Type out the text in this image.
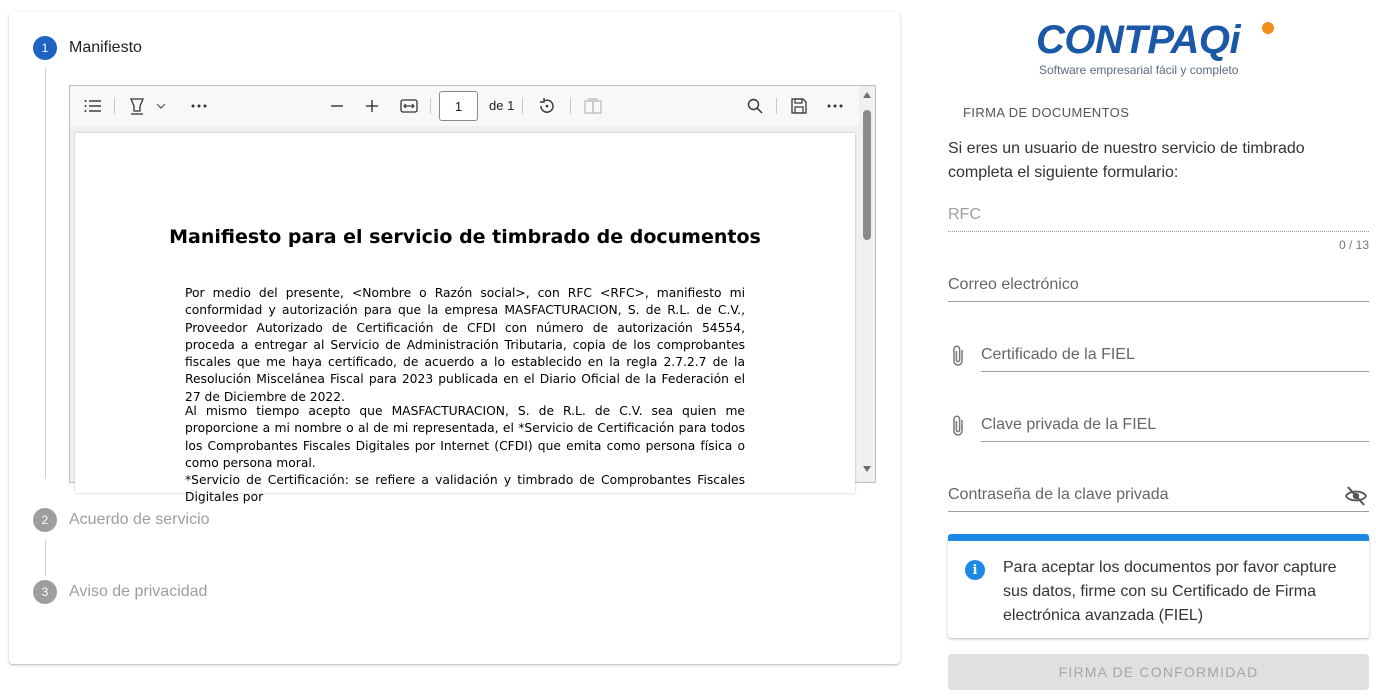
1	Manifiesto
1	de 1
Manifiesto para el servicio de timbrado de documentos
Por medio del presente, <Nombre o Razón social>, con RFC <RFC>, manifiesto mi conformidad y autorización para que la empresa MASFACTURACION, S. de R.L. de C.V., Proveedor Autorizado de Certificación de CFDI con número de autorización 54554, proceda a entregar al Servicio de Administración Tributaria, copia de los comprobantes fiscales que me haya certificado, de acuerdo a lo establecido en la regla 2.7.2.7 de la Resolución Miscelánea Fiscal para 2023 publicada en el Diario Oficial de la Federación el 27 de Diciembre de 2022.
Al mismo tiempo acepto que MASFACTURACION, S. de R.L. de C.V. sea quien me proporcione a mi nombre o al de mi representada, el *Servicio de Certificación para todos los Comprobantes Fiscales Digitales por Internet (CFDI) que emita como persona física o como persona moral.
*Servicio de Certificación: se refiere a validación y timbrado de Comprobantes Fiscales Digitales por
2	Acuerdo de servicio
3	Aviso de privacidad
CONTPAQi
Software empresarial fácil y completo
FIRMA DE DOCUMENTOS
Si eres un usuario de nuestro servicio de timbrado completa el siguiente formulario:
RFC
0 / 13
Correo electrónico
Certificado de la FIEL
Clave privada de la FIEL
Contraseña de la clave privada
i	Para aceptar los documentos por favor capture sus datos, firme con su Certificado de Firma electrónica avanzada (FIEL)
FIRMA DE CONFORMIDAD
